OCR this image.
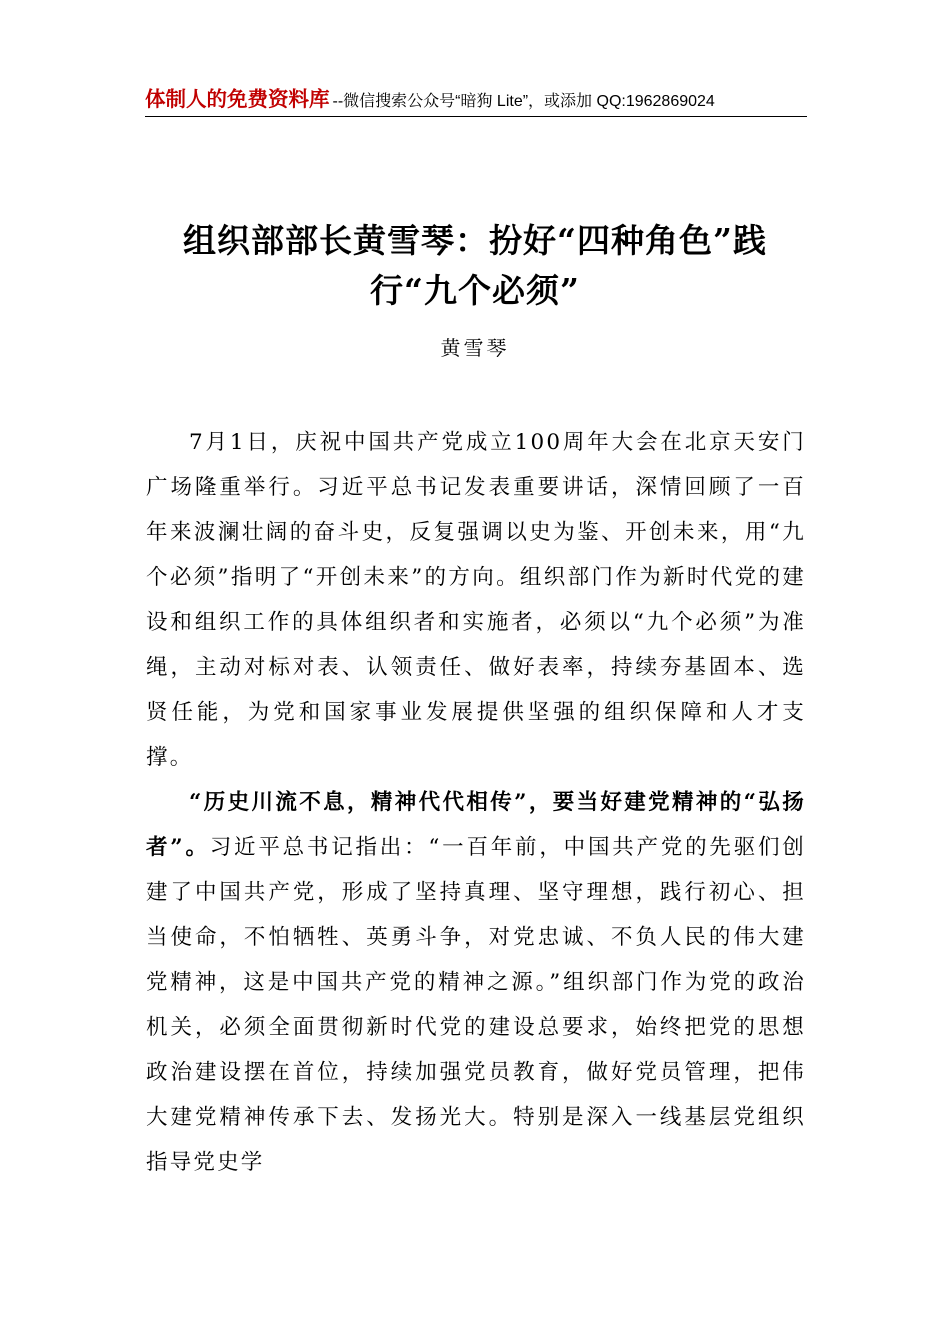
体制人的免费资料库 --微信搜索公众号“暗狗 Lite”，或添加 QQ:1962869024
组织部部长黄雪琴：扮好“四种角色”践
行“九个必须”
黄雪琴

7月1日，庆祝中国共产党成立100周年大会在北京天安门广场隆重举行。习近平总书记发表重要讲话，深情回顾了一百年来波澜壮阔的奋斗史，反复强调以史为鉴、开创未来，用“九个必须”指明了“开创未来”的方向。组织部门作为新时代党的建设和组织工作的具体组织者和实施者，必须以“九个必须”为准绳，主动对标对表、认领责任、做好表率，持续夯基固本、选贤任能，为党和国家事业发展提供坚强的组织保障和人才支撑。

“历史川流不息，精神代代相传”，要当好建党精神的“弘扬者”。习近平总书记指出：“一百年前，中国共产党的先驱们创建了中国共产党，形成了坚持真理、坚守理想，践行初心、担当使命，不怕牺牲、英勇斗争，对党忠诚、不负人民的伟大建党精神，这是中国共产党的精神之源。”组织部门作为党的政治机关，必须全面贯彻新时代党的建设总要求，始终把党的思想政治建设摆在首位，持续加强党员教育，做好党员管理，把伟大建党精神传承下去、发扬光大。特别是深入一线基层党组织指导党史学
